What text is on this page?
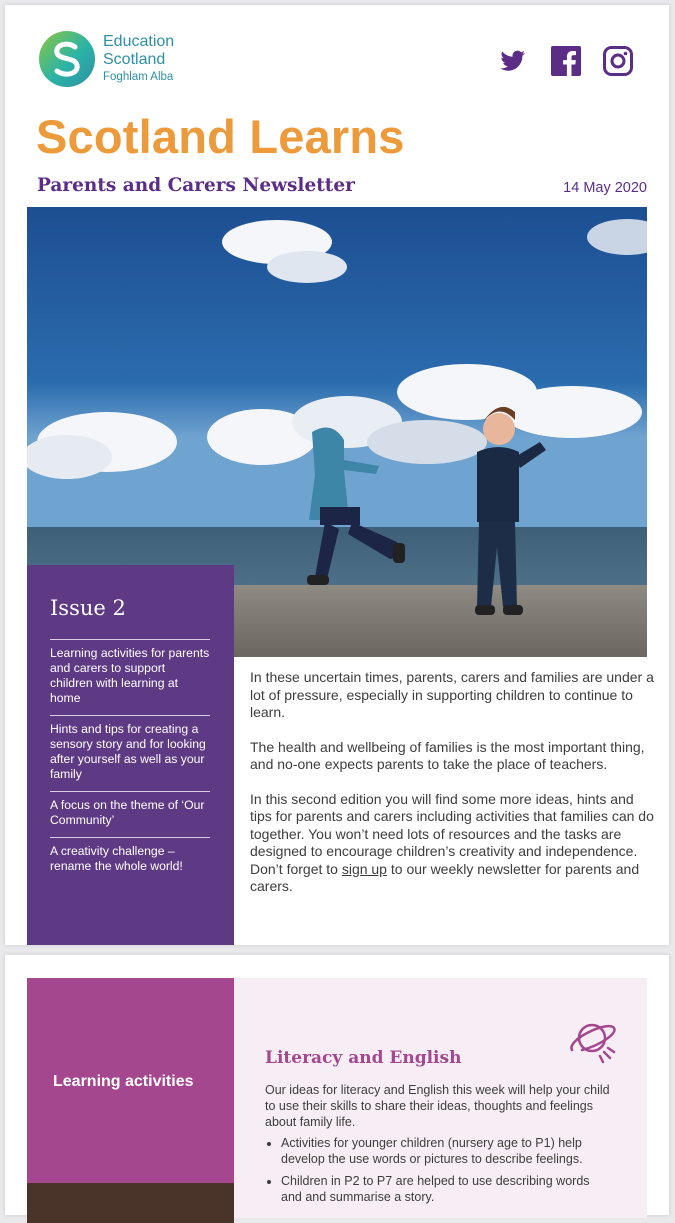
Education
Scotland
Foghlam Alba
Scotland Learns
Parents and Carers Newsletter	14 May 2020
Issue 2
Learning activities for parents and carers to support children with learning at home
Hints and tips for creating a sensory story and for looking after yourself as well as your family
A focus on the theme of ‘Our Community’
A creativity challenge – rename the whole world!

In these uncertain times, parents, carers and families are under a lot of pressure, especially in supporting children to continue to learn.

The health and wellbeing of families is the most important thing, and no-one expects parents to take the place of teachers.

In this second edition you will find some more ideas, hints and tips for parents and carers including activities that families can do together. You won’t need lots of resources and the tasks are designed to encourage children’s creativity and independence. Don’t forget to sign up to our weekly newsletter for parents and carers.

Learning activities
Literacy and English

Our ideas for literacy and English this week will help your child to use their skills to share their ideas, thoughts and feelings about family life.

• Activities for younger children (nursery age to P1) help develop the use words or pictures to describe feelings.
• Children in P2 to P7 are helped to use describing words and and summarise a story.
